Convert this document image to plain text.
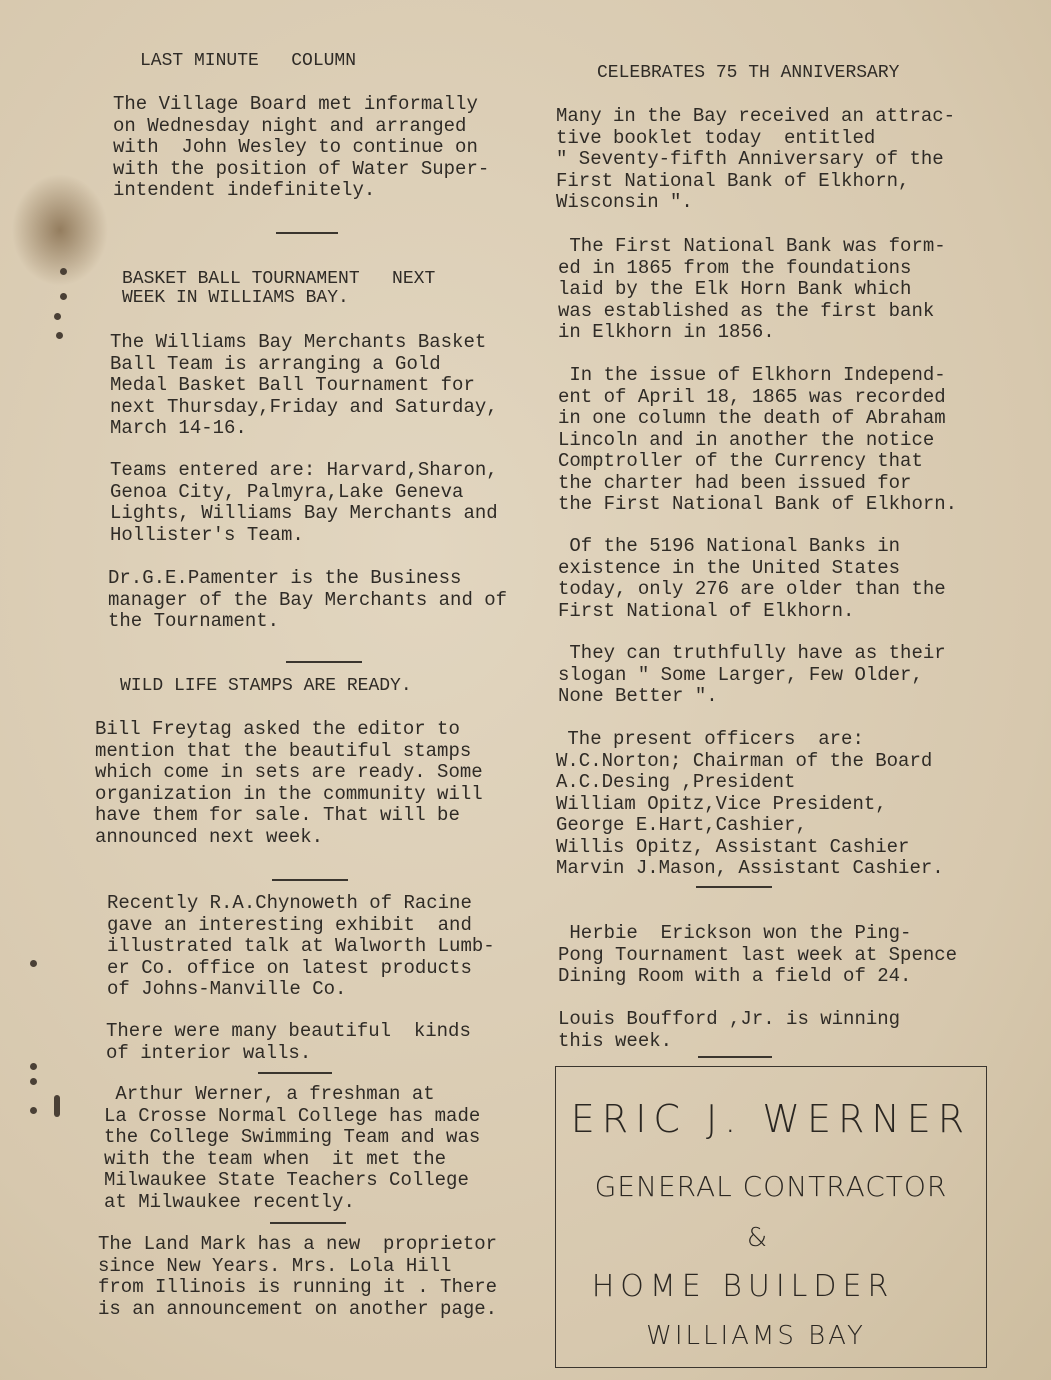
LAST MINUTE   COLUMN
The Village Board met informally
on Wednesday night and arranged
with  John Wesley to continue on
with the position of Water Super-
intendent indefinitely.
BASKET BALL TOURNAMENT   NEXT
WEEK IN WILLIAMS BAY.
The Williams Bay Merchants Basket
Ball Team is arranging a Gold
Medal Basket Ball Tournament for
next Thursday,Friday and Saturday,
March 14-16.
Teams entered are: Harvard,Sharon,
Genoa City, Palmyra,Lake Geneva
Lights, Williams Bay Merchants and
Hollister's Team.
Dr.G.E.Pamenter is the Business
manager of the Bay Merchants and of
the Tournament.
WILD LIFE STAMPS ARE READY.
Bill Freytag asked the editor to
mention that the beautiful stamps
which come in sets are ready. Some
organization in the community will
have them for sale. That will be
announced next week.
Recently R.A.Chynoweth of Racine
gave an interesting exhibit  and
illustrated talk at Walworth Lumb-
er Co. office on latest products
of Johns-Manville Co.
There were many beautiful  kinds
of interior walls.
Arthur Werner, a freshman at
La Crosse Normal College has made
the College Swimming Team and was
with the team when  it met the
Milwaukee State Teachers College
at Milwaukee recently.
The Land Mark has a new  proprietor
since New Years. Mrs. Lola Hill
from Illinois is running it . There
is an announcement on another page.
CELEBRATES 75 TH ANNIVERSARY
Many in the Bay received an attrac-
tive booklet today  entitled
" Seventy-fifth Anniversary of the
First National Bank of Elkhorn,
Wisconsin ".
The First National Bank was form-
ed in 1865 from the foundations
laid by the Elk Horn Bank which
was established as the first bank
in Elkhorn in 1856.
In the issue of Elkhorn Independ-
ent of April 18, 1865 was recorded
in one column the death of Abraham
Lincoln and in another the notice
Comptroller of the Currency that
the charter had been issued for
the First National Bank of Elkhorn.
Of the 5196 National Banks in
existence in the United States
today, only 276 are older than the
First National of Elkhorn.
They can truthfully have as their
slogan " Some Larger, Few Older,
None Better ".
The present officers  are:
W.C.Norton; Chairman of the Board
A.C.Desing ,President
William Opitz,Vice President,
George E.Hart,Cashier,
Willis Opitz, Assistant Cashier
Marvin J.Mason, Assistant Cashier.
Herbie  Erickson won the Ping-
Pong Tournament last week at Spence
Dining Room with a field of 24.
Louis Boufford ,Jr. is winning
this week.
ERIC J. WERNER
GENERAL CONTRACTOR
&
HOME BUILDER
WILLIAMS BAY
